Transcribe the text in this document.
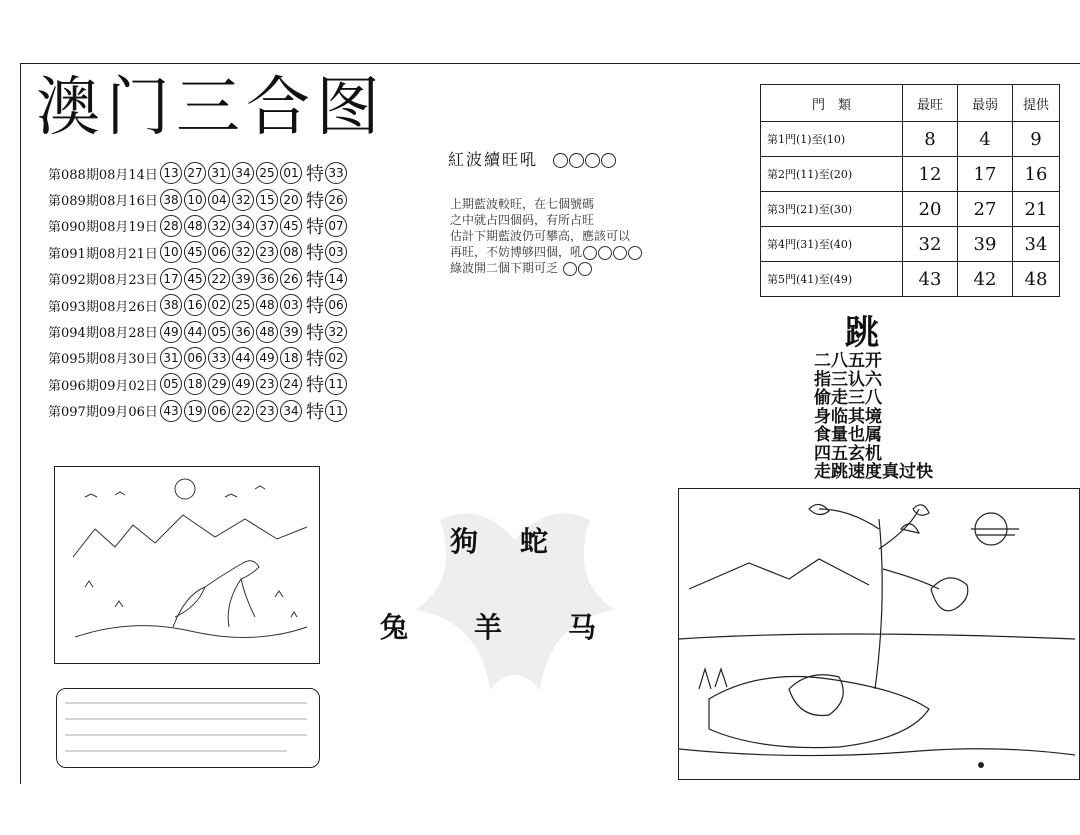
澳门三合图
第088期08月14日 13 27 31 34 25 01 特 33
第089期08月16日 38 10 04 32 15 20 特 26
第090期08月19日 28 48 32 34 37 45 特 07
第091期08月21日 10 45 06 32 23 08 特 03
第092期08月23日 17 45 22 39 36 26 特 14
第093期08月26日 38 16 02 25 48 03 特 06
第094期08月28日 49 44 05 36 48 39 特 32
第095期08月30日 31 06 33 44 49 18 特 02
第096期09月02日 05 18 29 49 23 24 特 11
第097期09月06日 43 19 06 22 23 34 特 11
紅波續旺吼
上期藍波較旺，在七個號碼
之中就占四個码，有所占旺
估計下期藍波仍可攀高，應該可以
再旺，不妨博够四個，吼
綠波開二個下期可乏
門　類	最旺	最弱	提供
第1門(1)至(10)	8	4	9
第2門(11)至(20)	12	17	16
第3門(21)至(30)	20	27	21
第4門(31)至(40)	32	39	34
第5門(41)至(49)	43	42	48
跳
二八五开
指三认六
偷走三八
身临其境
食量也属
四五玄机
走跳速度真过快
狗 蛇
兔 羊 马
